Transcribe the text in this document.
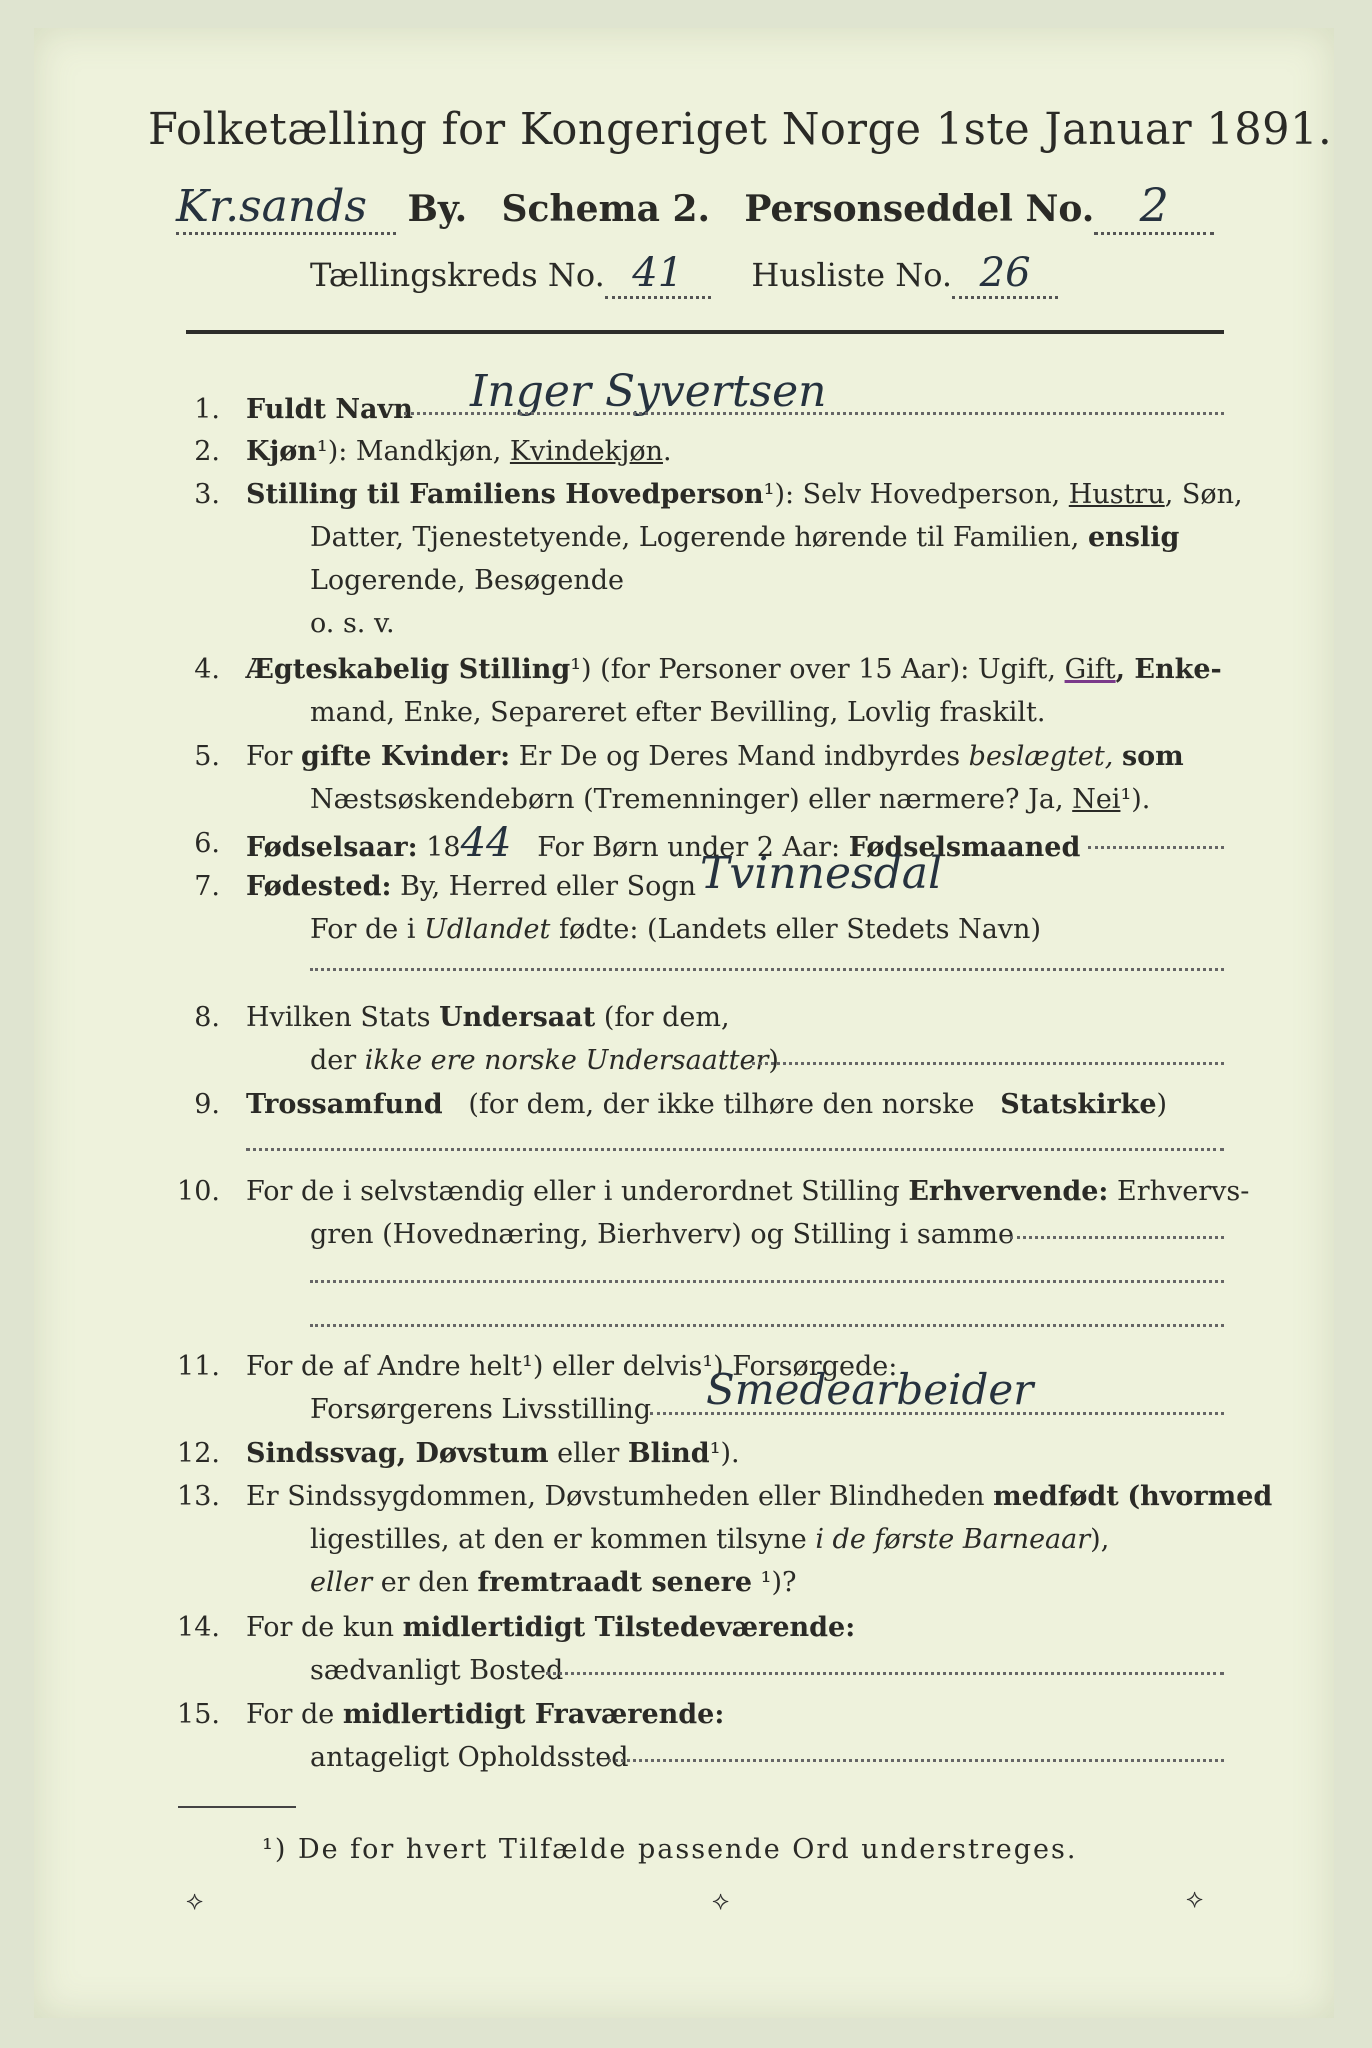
Folketælling for Kongeriget Norge 1ste Januar 1891.
Kr.sands By. Schema 2. Personseddel No. 2
Tællingskreds No. 41 Husliste No. 26
1. Fuldt Navn Inger Syvertsen
2. Kjøn¹): Mandkjøn, Kvindekjøn.
3. Stilling til Familiens Hovedperson¹): Selv Hovedperson, Hustru, Søn,
Datter, Tjenestetyende, Logerende hørende til Familien, enslig
Logerende, Besøgende
o. s. v.
4. Ægteskabelig Stilling¹) (for Personer over 15 Aar): Ugift, Gift, Enke-
mand, Enke, Separeret efter Bevilling, Lovlig fraskilt.
5. For gifte Kvinder: Er De og Deres Mand indbyrdes beslægtet, som
Næstsøskendebørn (Tremenninger) eller nærmere? Ja, Nei¹).
6. Fødselsaar: 1844 For Børn under 2 Aar: Fødselsmaaned
7. Fødested: By, Herred eller Sogn Tvinnesdal
For de i Udlandet fødte: (Landets eller Stedets Navn)
8. Hvilken Stats Undersaat (for dem,
der ikke ere norske Undersaatter)
9. Trossamfund (for dem, der ikke tilhøre den norske Statskirke)
10. For de i selvstændig eller i underordnet Stilling Erhvervende: Erhvervs-
gren (Hovednæring, Bierhverv) og Stilling i samme
11. For de af Andre helt¹) eller delvis¹) Forsørgede:
Forsørgerens Livsstilling Smedearbeider
12. Sindssvag, Døvstum eller Blind¹).
13. Er Sindssygdommen, Døvstumheden eller Blindheden medfødt (hvormed
ligestilles, at den er kommen tilsyne i de første Barneaar),
eller er den fremtraadt senere ¹)?
14. For de kun midlertidigt Tilstedeværende:
sædvanligt Bosted
15. For de midlertidigt Fraværende:
antageligt Opholdssted
¹) De for hvert Tilfælde passende Ord understreges.
⟡	⟡	⟡
